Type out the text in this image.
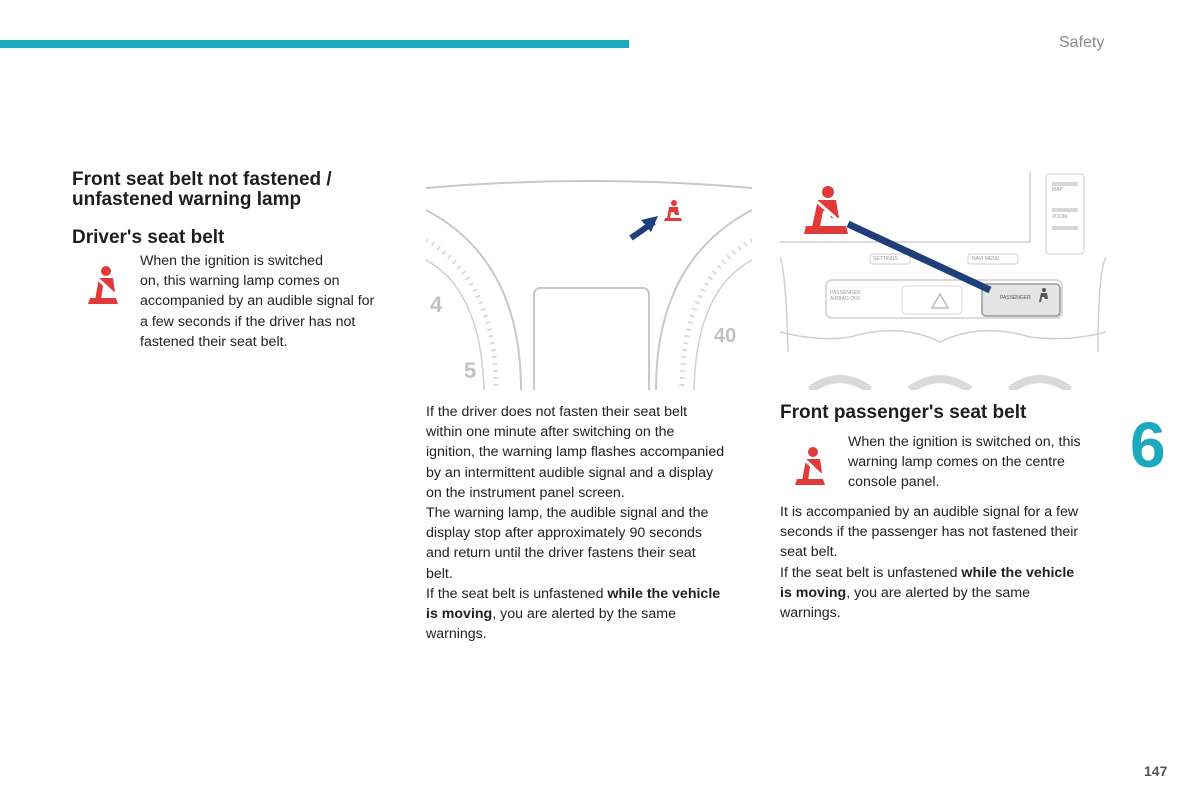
Safety
Front seat belt not fastened /
unfastened warning lamp
Driver's seat belt

When the ignition is switched

on, this warning lamp comes on

accompanied by an audible signal for

a few seconds if the driver has not

fastened their seat belt.

4
5
40

If the driver does not fasten their seat belt

within one minute after switching on the

ignition, the warning lamp flashes accompanied

by an intermittent audible signal and a display

on the instrument panel screen.

The warning lamp, the audible signal and the

display stop after approximately 90 seconds

and return until the driver fastens their seat

belt.

If the seat belt is unfastened while the vehicle

is moving, you are alerted by the same

warnings.

MAP
ZOOM
SETTINGS	NAVI MENU
PASSENGER AIRBAG OFF	PASSENGER
Front passenger's seat belt

When the ignition is switched on, this

warning lamp comes on the centre

console panel.

It is accompanied by an audible signal for a few

seconds if the passenger has not fastened their

seat belt.

If the seat belt is unfastened while the vehicle

is moving, you are alerted by the same

warnings.

6
147
